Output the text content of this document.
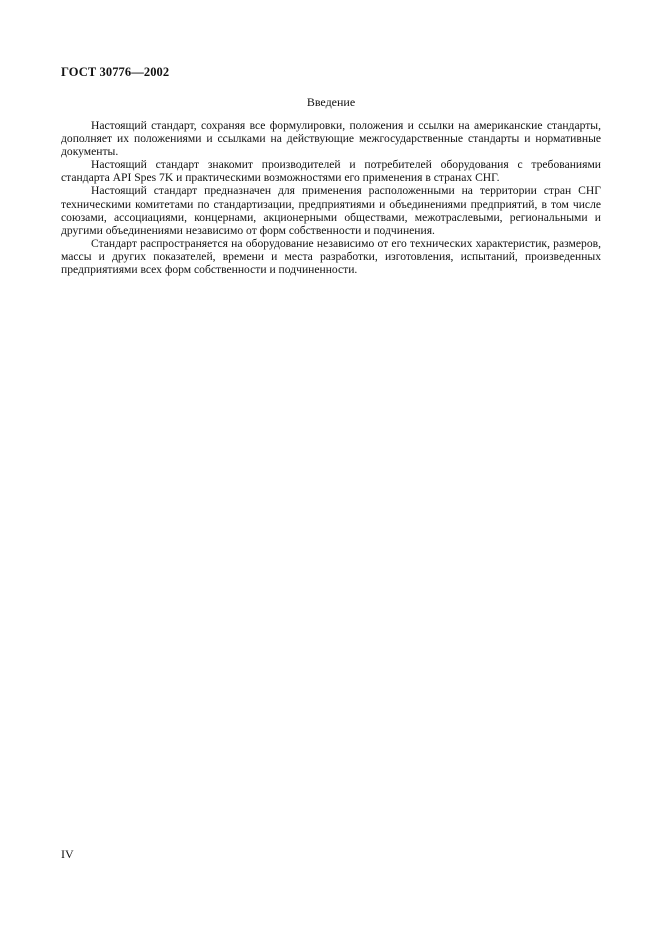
ГОСТ 30776—2002
Введение

Настоящий стандарт, сохраняя все формулировки, положения и ссылки на американские стандарты, дополняет их положениями и ссылками на действующие межгосударственные стандарты и нормативные документы.

Настоящий стандарт знакомит производителей и потребителей оборудования с требованиями стандарта API Spes 7K и практическими возможностями его применения в странах СНГ.

Настоящий стандарт предназначен для применения расположенными на территории стран СНГ техническими комитетами по стандартизации, предприятиями и объединениями предприятий, в том числе союзами, ассоциациями, концернами, акционерными обществами, межотраслевыми, региональными и другими объединениями независимо от форм собственности и подчинения.

Стандарт распространяется на оборудование независимо от его технических характеристик, размеров, массы и других показателей, времени и места разработки, изготовления, испытаний, произведенных предприятиями всех форм собственности и подчиненности.

IV
